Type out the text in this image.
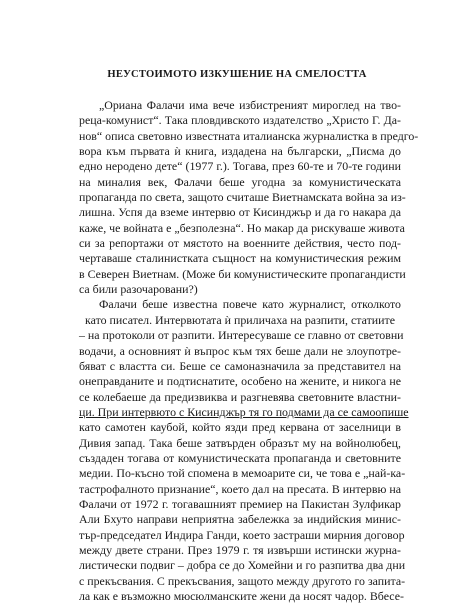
НЕУСТОИМОТО ИЗКУШЕНИЕ НА СМЕЛОСТТА
„Ориана Фалачи има вече избистреният мироглед на тво-
реца-комунист“. Така пловдивското издателство „Христо Г. Да-
нов“ описа световно известната италианска журналистка в предго-
вора към първата ѝ книга, издадена на български, „Писма до
едно неродено дете“ (1977 г.). Тогава, през 60-те и 70-те години
на миналия век, Фалачи беше угодна за комунистическата
пропаганда по света, защото считаше Виетнамската война за из-
лишна. Успя да вземе интервю от Кисинджър и да го накара да
каже, че войната е „безполезна“. Но макар да рискуваше живота
си за репортажи от мястото на военните действия, често под-
чертаваше сталинистката същност на комунистическия режим
в Северен Виетнам. (Може би комунистическите пропагандисти
са били разочаровани?)
Фалачи беше известна повече като журналист, отколкото
като писател. Интервютата ѝ приличаха на разпити, статиите
– на протоколи от разпити. Интересуваше се главно от световни
водачи, а основният ѝ въпрос към тях беше дали не злоупотре-
бяват с властта си. Беше се самоназначила за представител на
онеправданите и подтиснатите, особено на жените, и никога не
се колебаеше да предизвиква и разгневява световните властни-
ци. При интервюто с Кисинджър тя го подмами да се самоопише
като самотен каубой, който язди пред кервана от заселници в
Дивия запад. Така беше затвърден образът му на войнолюбец,
създаден тогава от комунистическата пропаганда и световните
медии. По-късно той спомена в мемоарите си, че това е „най-ка-
тастрофалното признание“, което дал на пресата. В интервю на
Фалачи от 1972 г. тогавашният премиер на Пакистан Зулфикар
Али Бхуто направи неприятна забележка за индийския минис-
тър-председател Индира Ганди, което застраши мирния договор
между двете страни. През 1979 г. тя извърши истински журна-
листически подвиг – добра се до Хомейни и го разпитва два дни
с прекъсвания. С прекъсвания, защото между другото го запита-
ла как е възможно мюсюлманските жени да носят чадор. Вбесе-
